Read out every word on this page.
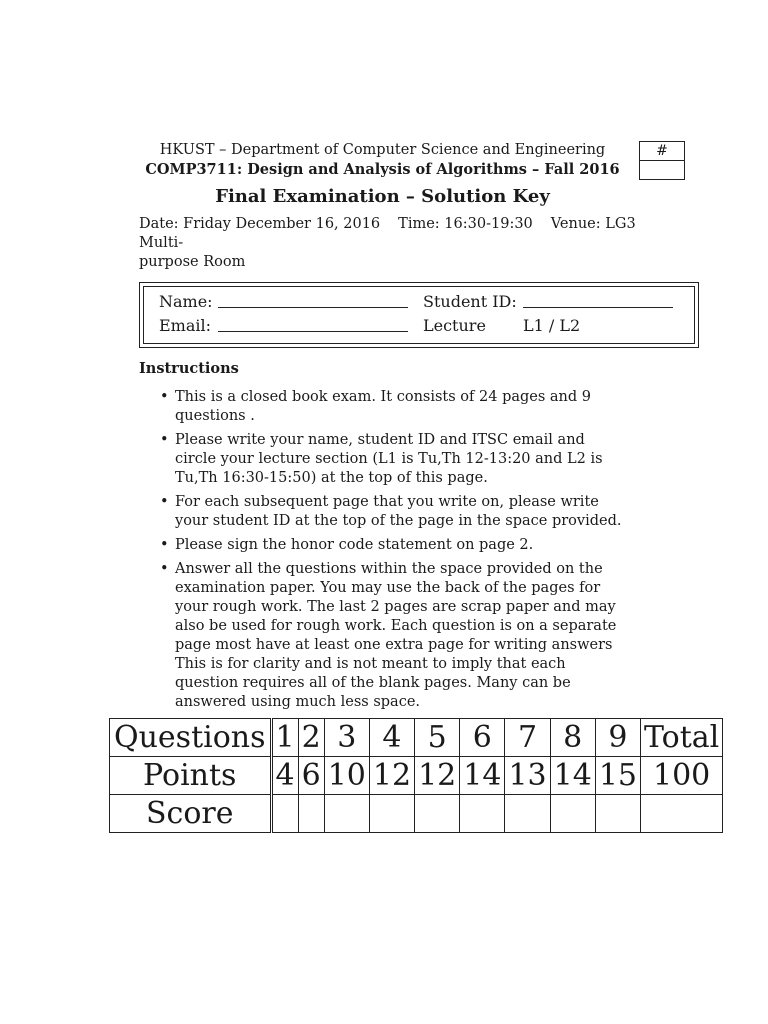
HKUST – Department of Computer Science and Engineering
COMP3711: Design and Analysis of Algorithms – Fall 2016
Final Examination – Solution Key
#
Date: Friday December 16, 2016 Time: 16:30-19:30 Venue: LG3 Multi-
purpose Room
Name:	Student ID:
Email:	Lecture L1 / L2
Instructions
• This is a closed book exam. It consists of 24 pages and 9 questions .
• Please write your name, student ID and ITSC email and circle your lecture section (L1 is Tu,Th 12-13:20 and L2 is Tu,Th 16:30-15:50) at the top of this page.
• For each subsequent page that you write on, please write your student ID at the top of the page in the space provided.
• Please sign the honor code statement on page 2.
• Answer all the questions within the space provided on the examination paper. You may use the back of the pages for your rough work. The last 2 pages are scrap paper and may also be used for rough work. Each question is on a separate page most have at least one extra page for writing answers This is for clarity and is not meant to imply that each question requires all of the blank pages. Many can be answered using much less space.
Questions	1	2	3	4	5	6	7	8	9	Total
Points	4	6	10	12	12	14	13	14	15	100
Score										
